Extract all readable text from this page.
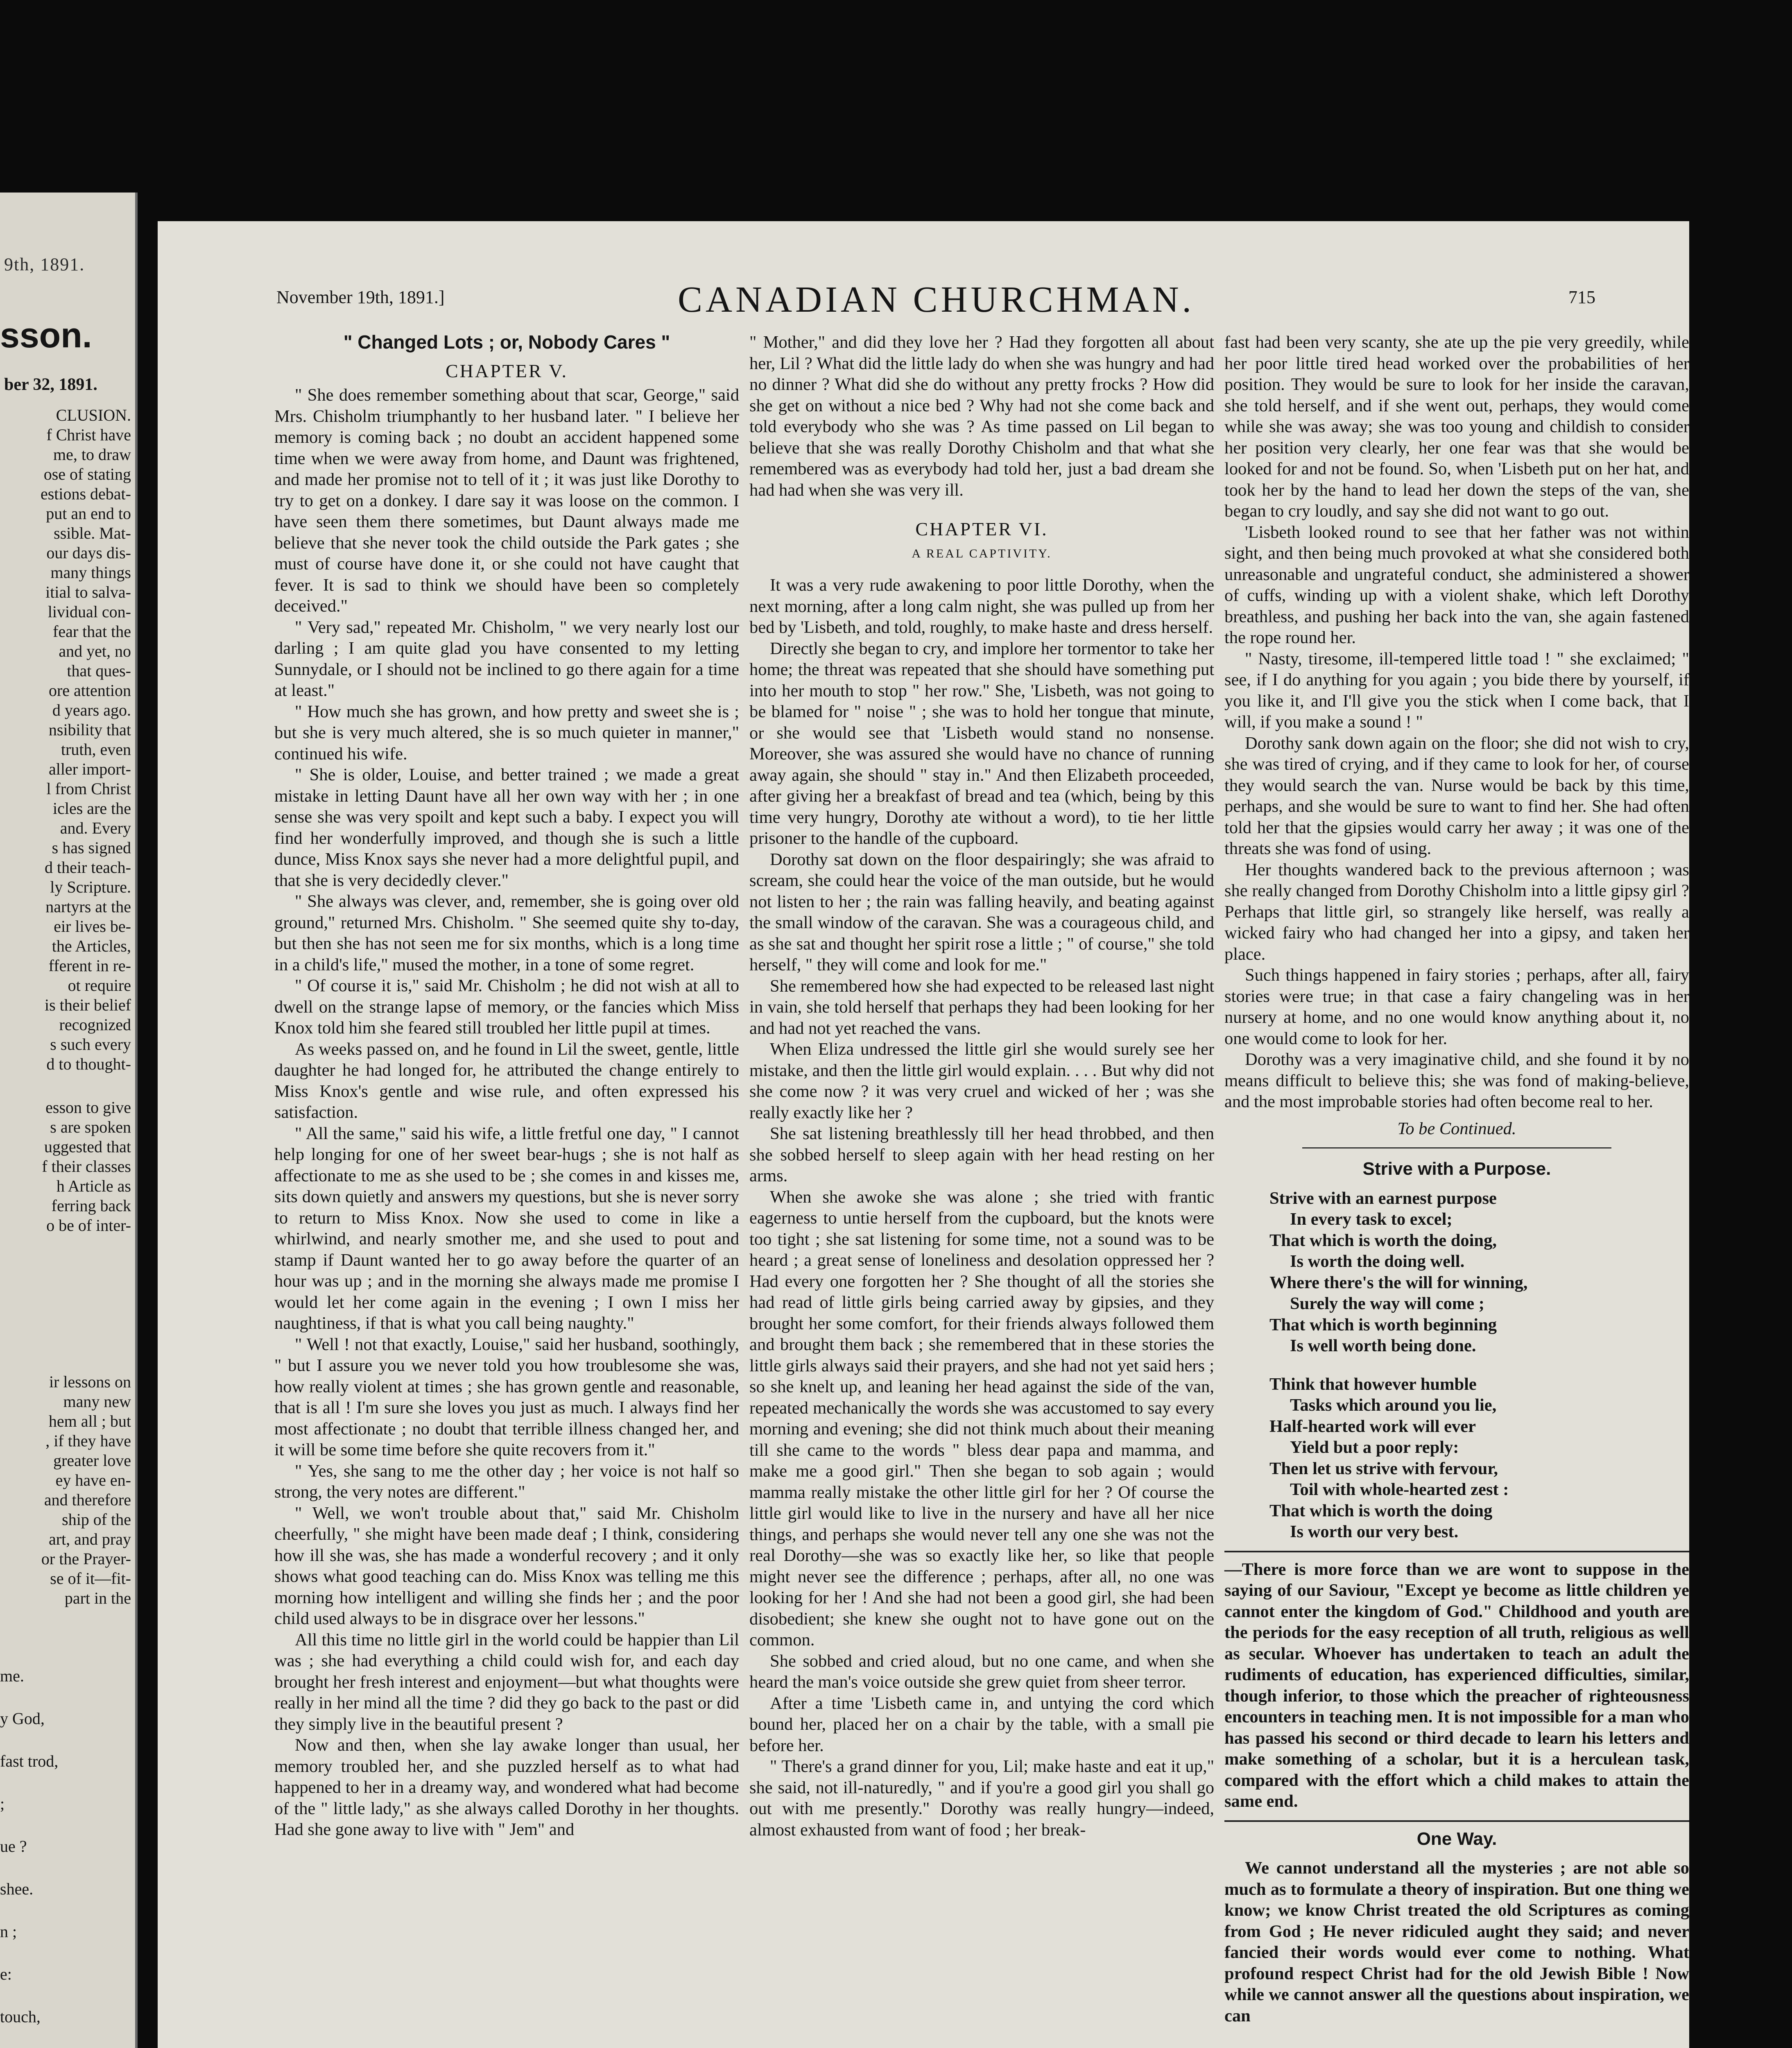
9th, 1891.
sson.
ber 32, 1891.
CLUSION.
f Christ have
me, to draw
ose of stating
estions debat-
put an end to
ssible. Mat-
our days dis-
many things
itial to salva-
lividual con-
fear that the
and yet, no
that ques-
ore attention
d years ago.
nsibility that
truth, even
aller import-
l from Christ
icles are the
and. Every
s has signed
d their teach-
ly Scripture.
nartyrs at the
eir lives be-
the Articles,
fferent in re-
ot require
is their belief
recognized
s such every
d to thought-
esson to give
s are spoken
uggested that
f their classes
h Article as
ferring back
o be of inter-
ir lessons on
many new
hem all ; but
, if they have
greater love
ey have en-
and therefore
ship of the
art, and pray
or the Prayer-
se of it—fit-
part in the
me.
y God,
fast trod,
;
ue ?
shee.
n ;
e:
touch,
November 19th, 1891.]	CANADIAN CHURCHMAN.	715
" Changed Lots ; or, Nobody Cares "
CHAPTER V.

" She does remember something about that scar, George," said Mrs. Chisholm triumphantly to her husband later. " I believe her memory is coming back ; no doubt an accident happened some time when we were away from home, and Daunt was frightened, and made her promise not to tell of it ; it was just like Dorothy to try to get on a donkey. I dare say it was loose on the common. I have seen them there sometimes, but Daunt always made me believe that she never took the child outside the Park gates ; she must of course have done it, or she could not have caught that fever. It is sad to think we should have been so completely deceived."

" Very sad," repeated Mr. Chisholm, " we very nearly lost our darling ; I am quite glad you have consented to my letting Sunnydale, or I should not be inclined to go there again for a time at least."

" How much she has grown, and how pretty and sweet she is ; but she is very much altered, she is so much quieter in manner," continued his wife.

" She is older, Louise, and better trained ; we made a great mistake in letting Daunt have all her own way with her ; in one sense she was very spoilt and kept such a baby. I expect you will find her wonderfully improved, and though she is such a little dunce, Miss Knox says she never had a more delightful pupil, and that she is very decidedly clever."

" She always was clever, and, remember, she is going over old ground," returned Mrs. Chisholm. " She seemed quite shy to-day, but then she has not seen me for six months, which is a long time in a child's life," mused the mother, in a tone of some regret.

" Of course it is," said Mr. Chisholm ; he did not wish at all to dwell on the strange lapse of memory, or the fancies which Miss Knox told him she feared still troubled her little pupil at times.

As weeks passed on, and he found in Lil the sweet, gentle, little daughter he had longed for, he attributed the change entirely to Miss Knox's gentle and wise rule, and often expressed his satisfaction.

" All the same," said his wife, a little fretful one day, " I cannot help longing for one of her sweet bear-hugs ; she is not half as affectionate to me as she used to be ; she comes in and kisses me, sits down quietly and answers my questions, but she is never sorry to return to Miss Knox. Now she used to come in like a whirlwind, and nearly smother me, and she used to pout and stamp if Daunt wanted her to go away before the quarter of an hour was up ; and in the morning she always made me promise I would let her come again in the evening ; I own I miss her naughtiness, if that is what you call being naughty."

" Well ! not that exactly, Louise," said her husband, soothingly, " but I assure you we never told you how troublesome she was, how really violent at times ; she has grown gentle and reasonable, that is all ! I'm sure she loves you just as much. I always find her most affectionate ; no doubt that terrible illness changed her, and it will be some time before she quite recovers from it."

" Yes, she sang to me the other day ; her voice is not half so strong, the very notes are different."

" Well, we won't trouble about that," said Mr. Chisholm cheerfully, " she might have been made deaf ; I think, considering how ill she was, she has made a wonderful recovery ; and it only shows what good teaching can do. Miss Knox was telling me this morning how intelligent and willing she finds her ; and the poor child used always to be in disgrace over her lessons."

All this time no little girl in the world could be happier than Lil was ; she had everything a child could wish for, and each day brought her fresh interest and enjoyment—but what thoughts were really in her mind all the time ? did they go back to the past or did they simply live in the beautiful present ?

Now and then, when she lay awake longer than usual, her memory troubled her, and she puzzled herself as to what had happened to her in a dreamy way, and wondered what had become of the " little lady," as she always called Dorothy in her thoughts. Had she gone away to live with " Jem" and

" Mother," and did they love her ? Had they forgotten all about her, Lil ? What did the little lady do when she was hungry and had no dinner ? What did she do without any pretty frocks ? How did she get on without a nice bed ? Why had not she come back and told everybody who she was ? As time passed on Lil began to believe that she was really Dorothy Chisholm and that what she remembered was as everybody had told her, just a bad dream she had had when she was very ill.

CHAPTER VI.
A REAL CAPTIVITY.

It was a very rude awakening to poor little Dorothy, when the next morning, after a long calm night, she was pulled up from her bed by 'Lisbeth, and told, roughly, to make haste and dress herself.

Directly she began to cry, and implore her tormentor to take her home; the threat was repeated that she should have something put into her mouth to stop " her row." She, 'Lisbeth, was not going to be blamed for " noise " ; she was to hold her tongue that minute, or she would see that 'Lisbeth would stand no nonsense. Moreover, she was assured she would have no chance of running away again, she should " stay in." And then Elizabeth proceeded, after giving her a breakfast of bread and tea (which, being by this time very hungry, Dorothy ate without a word), to tie her little prisoner to the handle of the cupboard.

Dorothy sat down on the floor despairingly; she was afraid to scream, she could hear the voice of the man outside, but he would not listen to her ; the rain was falling heavily, and beating against the small window of the caravan. She was a courageous child, and as she sat and thought her spirit rose a little ; " of course," she told herself, " they will come and look for me."

She remembered how she had expected to be released last night in vain, she told herself that perhaps they had been looking for her and had not yet reached the vans.

When Eliza undressed the little girl she would surely see her mistake, and then the little girl would explain. . . . But why did not she come now ? it was very cruel and wicked of her ; was she really exactly like her ?

She sat listening breathlessly till her head throbbed, and then she sobbed herself to sleep again with her head resting on her arms.

When she awoke she was alone ; she tried with frantic eagerness to untie herself from the cupboard, but the knots were too tight ; she sat listening for some time, not a sound was to be heard ; a great sense of loneliness and desolation oppressed her ? Had every one forgotten her ? She thought of all the stories she had read of little girls being carried away by gipsies, and they brought her some comfort, for their friends always followed them and brought them back ; she remembered that in these stories the little girls always said their prayers, and she had not yet said hers ; so she knelt up, and leaning her head against the side of the van, repeated mechanically the words she was accustomed to say every morning and evening; she did not think much about their meaning till she came to the words " bless dear papa and mamma, and make me a good girl." Then she began to sob again ; would mamma really mistake the other little girl for her ? Of course the little girl would like to live in the nursery and have all her nice things, and perhaps she would never tell any one she was not the real Dorothy—she was so exactly like her, so like that people might never see the difference ; perhaps, after all, no one was looking for her ! And she had not been a good girl, she had been disobedient; she knew she ought not to have gone out on the common.

She sobbed and cried aloud, but no one came, and when she heard the man's voice outside she grew quiet from sheer terror.

After a time 'Lisbeth came in, and untying the cord which bound her, placed her on a chair by the table, with a small pie before her.

" There's a grand dinner for you, Lil; make haste and eat it up," she said, not ill-naturedly, " and if you're a good girl you shall go out with me presently." Dorothy was really hungry—indeed, almost exhausted from want of food ; her break-

fast had been very scanty, she ate up the pie very greedily, while her poor little tired head worked over the probabilities of her position. They would be sure to look for her inside the caravan, she told herself, and if she went out, perhaps, they would come while she was away; she was too young and childish to consider her position very clearly, her one fear was that she would be looked for and not be found. So, when 'Lisbeth put on her hat, and took her by the hand to lead her down the steps of the van, she began to cry loudly, and say she did not want to go out.

'Lisbeth looked round to see that her father was not within sight, and then being much provoked at what she considered both unreasonable and ungrateful conduct, she administered a shower of cuffs, winding up with a violent shake, which left Dorothy breathless, and pushing her back into the van, she again fastened the rope round her.

" Nasty, tiresome, ill-tempered little toad ! " she exclaimed; " see, if I do anything for you again ; you bide there by yourself, if you like it, and I'll give you the stick when I come back, that I will, if you make a sound ! "

Dorothy sank down again on the floor; she did not wish to cry, she was tired of crying, and if they came to look for her, of course they would search the van. Nurse would be back by this time, perhaps, and she would be sure to want to find her. She had often told her that the gipsies would carry her away ; it was one of the threats she was fond of using.

Her thoughts wandered back to the previous afternoon ; was she really changed from Dorothy Chisholm into a little gipsy girl ? Perhaps that little girl, so strangely like herself, was really a wicked fairy who had changed her into a gipsy, and taken her place.

Such things happened in fairy stories ; perhaps, after all, fairy stories were true; in that case a fairy changeling was in her nursery at home, and no one would know anything about it, no one would come to look for her.

Dorothy was a very imaginative child, and she found it by no means difficult to believe this; she was fond of making-believe, and the most improbable stories had often become real to her.

To be Continued.
Strive with a Purpose.
Strive with an earnest purpose
In every task to excel;
That which is worth the doing,
Is worth the doing well.
Where there's the will for winning,
Surely the way will come ;
That which is worth beginning
Is well worth being done.
Think that however humble
Tasks which around you lie,
Half-hearted work will ever
Yield but a poor reply:
Then let us strive with fervour,
Toil with whole-hearted zest :
That which is worth the doing
Is worth our very best.

—There is more force than we are wont to suppose in the saying of our Saviour, "Except ye become as little children ye cannot enter the kingdom of God." Childhood and youth are the periods for the easy reception of all truth, religious as well as secular. Whoever has undertaken to teach an adult the rudiments of education, has experienced difficulties, similar, though inferior, to those which the preacher of righteousness encounters in teaching men. It is not impossible for a man who has passed his second or third decade to learn his letters and make something of a scholar, but it is a herculean task, compared with the effort which a child makes to attain the same end.

One Way.

We cannot understand all the mysteries ; are not able so much as to formulate a theory of inspiration. But one thing we know; we know Christ treated the old Scriptures as coming from God ; He never ridiculed aught they said; and never fancied their words would ever come to nothing. What profound respect Christ had for the old Jewish Bible ! Now while we cannot answer all the questions about inspiration, we can
